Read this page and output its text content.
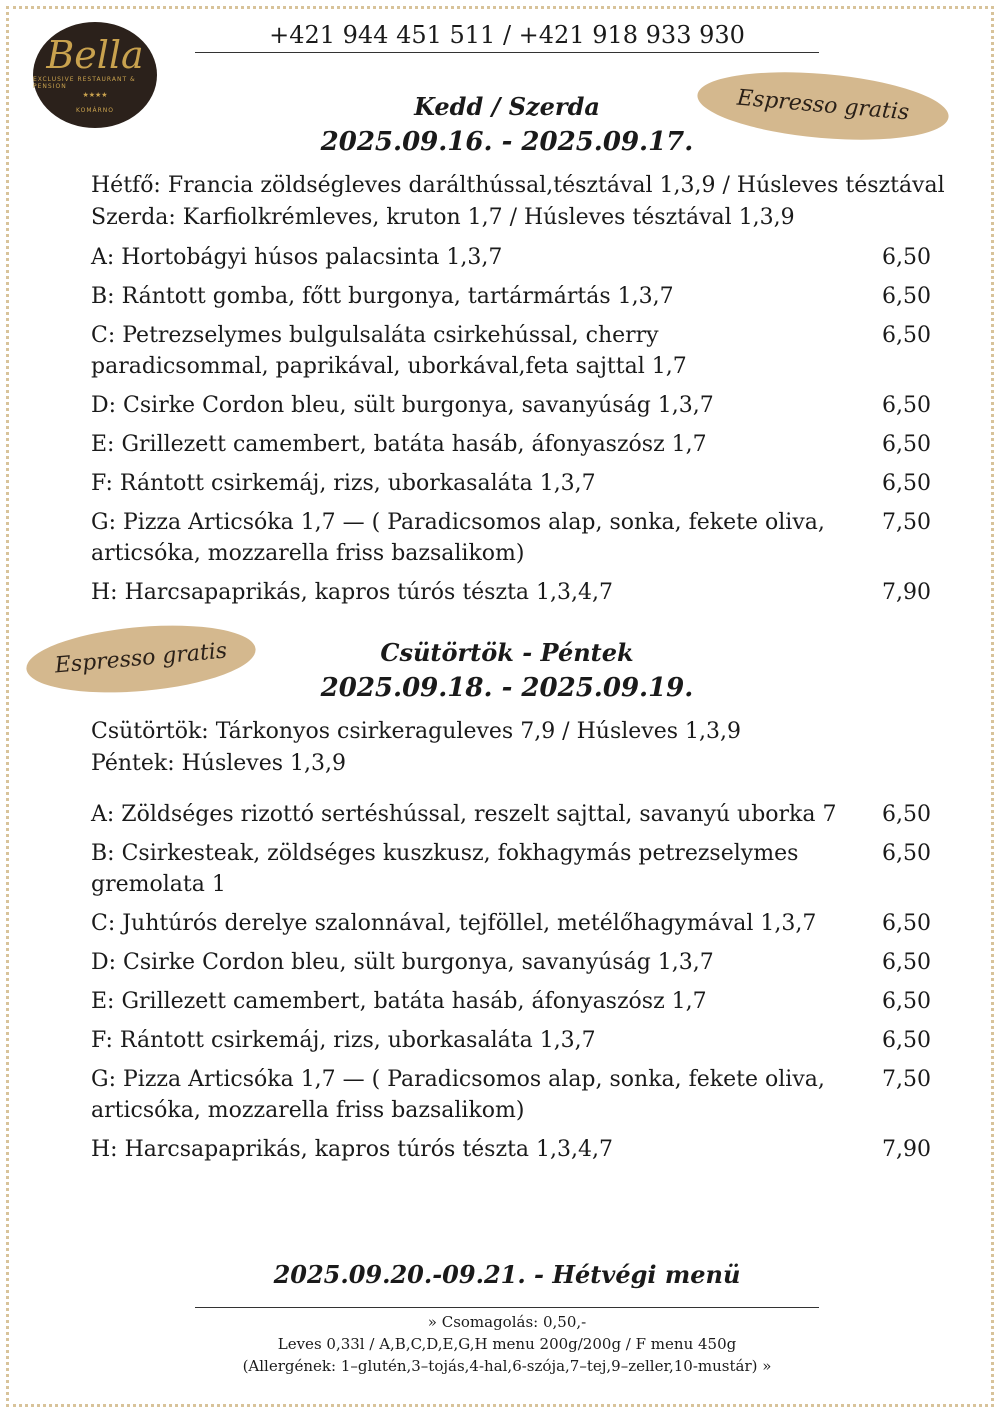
Bella
EXCLUSIVE RESTAURANT & PENSION
★★★★
KOMÁRNO
+421 944 451 511 / +421 918 933 930
Espresso gratis
Kedd / Szerda
2025.09.16. - 2025.09.17.
Hétfő: Francia zöldségleves darálthússal,tésztával 1,3,9 / Húsleves tésztával
Szerda: Karfiolkrémleves, kruton 1,7 / Húsleves tésztával 1,3,9
A: Hortobágyi húsos palacsinta 1,3,7	6,50
B: Rántott gomba, főtt burgonya, tartármártás 1,3,7	6,50
C: Petrezselymes bulgulsaláta csirkehússal, cherry paradicsommal, paprikával, uborkával,feta sajttal 1,7
6,50
D: Csirke Cordon bleu, sült burgonya, savanyúság 1,3,7	6,50
E: Grillezett camembert, batáta hasáb, áfonyaszósz 1,7	6,50
F: Rántott csirkemáj, rizs, uborkasaláta 1,3,7	6,50
G: Pizza Articsóka 1,7 — ( Paradicsomos alap, sonka, fekete oliva, articsóka, mozzarella friss bazsalikom)
7,50
H: Harcsapaprikás, kapros túrós tészta 1,3,4,7	7,90
Espresso gratis	Csütörtök - Péntek
2025.09.18. - 2025.09.19.
Csütörtök: Tárkonyos csirkeraguleves 7,9 / Húsleves 1,3,9
Péntek: Húsleves 1,3,9
A: Zöldséges rizottó sertéshússal, reszelt sajttal, savanyú uborka 7	6,50
B: Csirkesteak, zöldséges kuszkusz, fokhagymás petrezselymes gremolata 1
6,50
C: Juhtúrós derelye szalonnával, tejföllel, metélőhagymával 1,3,7	6,50
D: Csirke Cordon bleu, sült burgonya, savanyúság 1,3,7	6,50
E: Grillezett camembert, batáta hasáb, áfonyaszósz 1,7	6,50
F: Rántott csirkemáj, rizs, uborkasaláta 1,3,7	6,50
G: Pizza Articsóka 1,7 — ( Paradicsomos alap, sonka, fekete oliva, articsóka, mozzarella friss bazsalikom)
7,50
H: Harcsapaprikás, kapros túrós tészta 1,3,4,7	7,90
2025.09.20.-09.21. - Hétvégi menü
» Csomagolás: 0,50,-
Leves 0,33l / A,B,C,D,E,G,H menu 200g/200g / F menu 450g
(Allergének: 1–glutén,3–tojás,4-hal,6-szója,7–tej,9–zeller,10-mustár) »
